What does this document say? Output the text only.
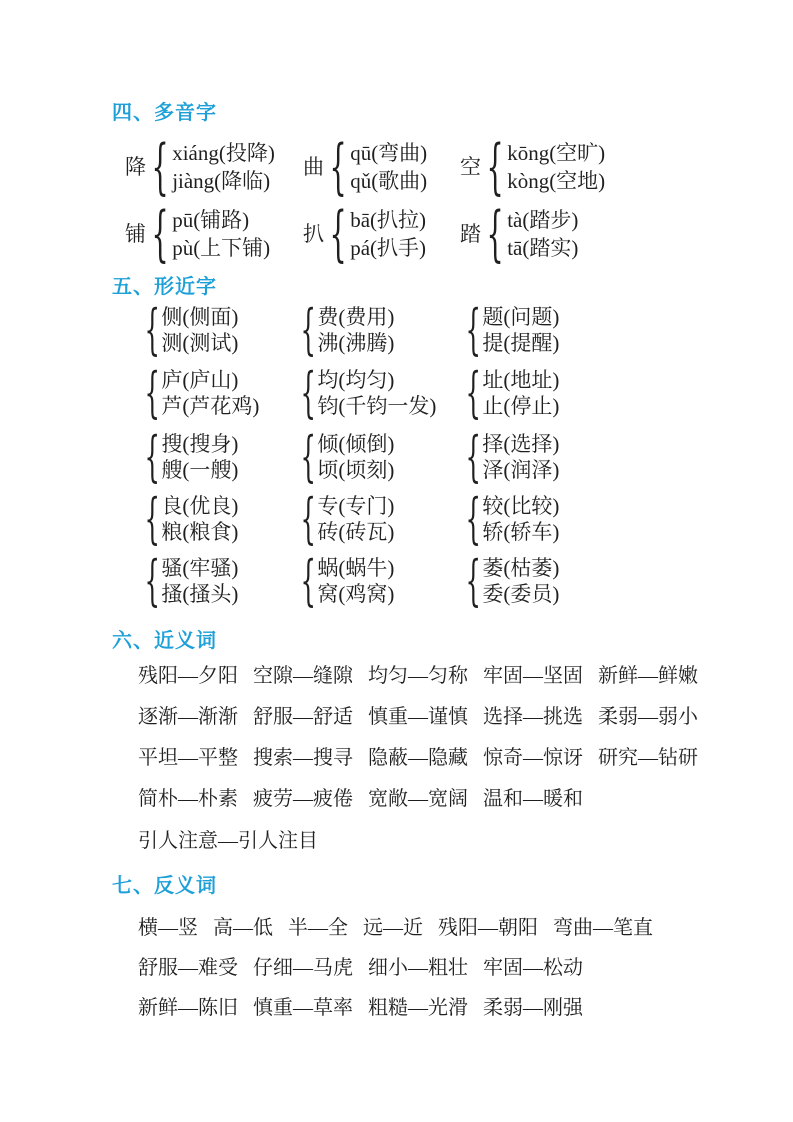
四、多音字
降 { xiáng(投降)
jiàng(降临)
曲 { qū(弯曲)
qǔ(歌曲)
空 { kōng(空旷)
kòng(空地)
铺 { pū(铺路)
pù(上下铺)
扒 { bā(扒拉)
pá(扒手)
踏 { tà(踏步)
tā(踏实)
五、形近字
{ 侧(侧面)
测(测试) { 费(费用)
沸(沸腾) { 题(问题)
提(提醒)
{ 庐(庐山)
芦(芦花鸡) { 均(均匀)
钧(千钧一发) { 址(地址)
止(停止)
{ 搜(搜身)
艘(一艘) { 倾(倾倒)
顷(顷刻) { 择(选择)
泽(润泽)
{ 良(优良)
粮(粮食) { 专(专门)
砖(砖瓦) { 较(比较)
轿(轿车)
{ 骚(牢骚)
搔(搔头) { 蜗(蜗牛)
窝(鸡窝) { 萎(枯萎)
委(委员)
六、近义词
残阳—夕阳 空隙—缝隙 均匀—匀称 牢固—坚固 新鲜—鲜嫩
逐渐—渐渐 舒服—舒适 慎重—谨慎 选择—挑选 柔弱—弱小
平坦—平整 搜索—搜寻 隐蔽—隐藏 惊奇—惊讶 研究—钻研
简朴—朴素 疲劳—疲倦 宽敞—宽阔 温和—暖和
引人注意—引人注目
七、反义词
横—竖 高—低 半—全 远—近 残阳—朝阳 弯曲—笔直
舒服—难受 仔细—马虎 细小—粗壮 牢固—松动
新鲜—陈旧 慎重—草率 粗糙—光滑 柔弱—刚强
